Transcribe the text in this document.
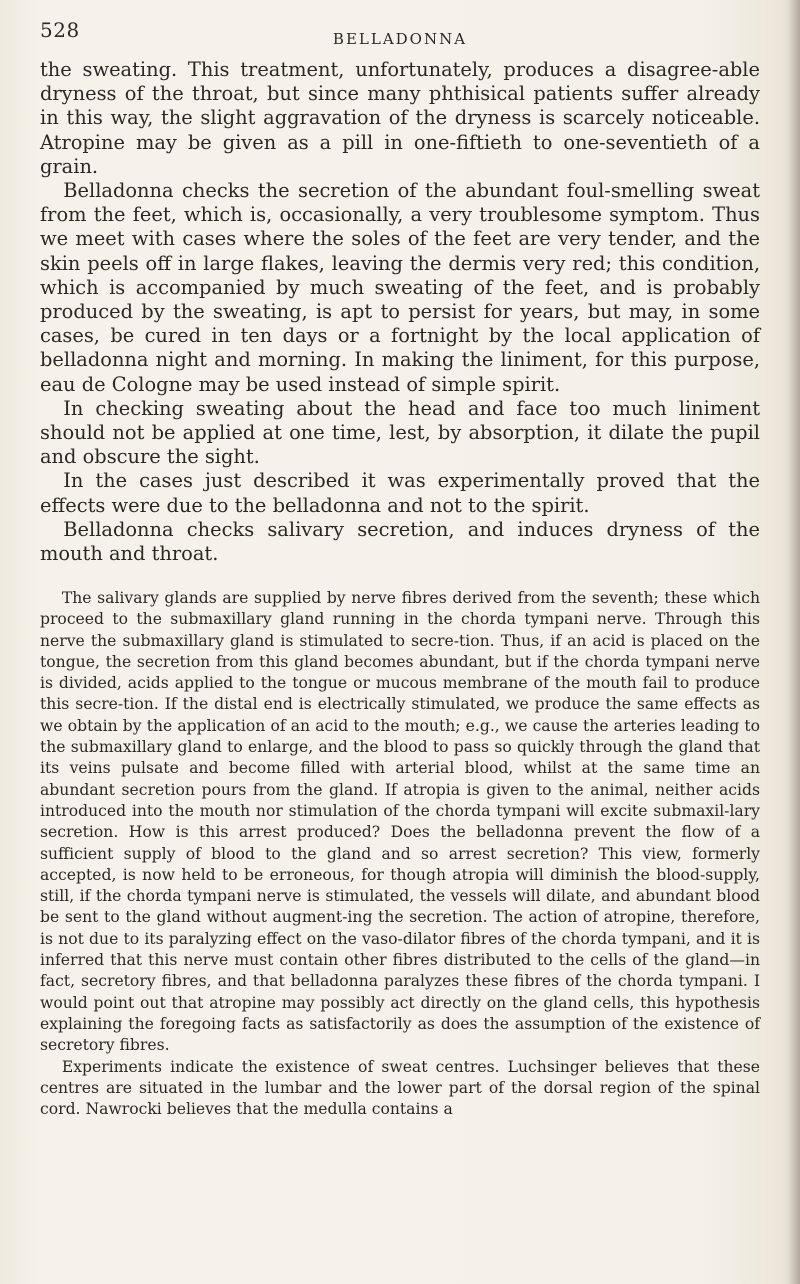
528	BELLADONNA

the sweating. This treatment, unfortunately, produces a disagree-able dryness of the throat, but since many phthisical patients suffer already in this way, the slight aggravation of the dryness is scarcely noticeable. Atropine may be given as a pill in one-fiftieth to one-seventieth of a grain.

Belladonna checks the secretion of the abundant foul-smelling sweat from the feet, which is, occasionally, a very troublesome symptom. Thus we meet with cases where the soles of the feet are very tender, and the skin peels off in large flakes, leaving the dermis very red; this condition, which is accompanied by much sweating of the feet, and is probably produced by the sweating, is apt to persist for years, but may, in some cases, be cured in ten days or a fortnight by the local application of belladonna night and morning. In making the liniment, for this purpose, eau de Cologne may be used instead of simple spirit.

In checking sweating about the head and face too much liniment should not be applied at one time, lest, by absorption, it dilate the pupil and obscure the sight.

In the cases just described it was experimentally proved that the effects were due to the belladonna and not to the spirit.

Belladonna checks salivary secretion, and induces dryness of the mouth and throat.

The salivary glands are supplied by nerve fibres derived from the seventh; these which proceed to the submaxillary gland running in the chorda tympani nerve. Through this nerve the submaxillary gland is stimulated to secre-tion. Thus, if an acid is placed on the tongue, the secretion from this gland becomes abundant, but if the chorda tympani nerve is divided, acids applied to the tongue or mucous membrane of the mouth fail to produce this secre-tion. If the distal end is electrically stimulated, we produce the same effects as we obtain by the application of an acid to the mouth; e.g., we cause the arteries leading to the submaxillary gland to enlarge, and the blood to pass so quickly through the gland that its veins pulsate and become filled with arterial blood, whilst at the same time an abundant secretion pours from the gland. If atropia is given to the animal, neither acids introduced into the mouth nor stimulation of the chorda tympani will excite submaxil-lary secretion. How is this arrest produced? Does the belladonna prevent the flow of a sufficient supply of blood to the gland and so arrest secretion? This view, formerly accepted, is now held to be erroneous, for though atropia will diminish the blood-supply, still, if the chorda tympani nerve is stimulated, the vessels will dilate, and abundant blood be sent to the gland without augment-ing the secretion. The action of atropine, therefore, is not due to its paralyzing effect on the vaso-dilator fibres of the chorda tympani, and it is inferred that this nerve must contain other fibres distributed to the cells of the gland—in fact, secretory fibres, and that belladonna paralyzes these fibres of the chorda tympani. I would point out that atropine may possibly act directly on the gland cells, this hypothesis explaining the foregoing facts as satisfactorily as does the assumption of the existence of secretory fibres.

Experiments indicate the existence of sweat centres. Luchsinger believes that these centres are situated in the lumbar and the lower part of the dorsal region of the spinal cord. Nawrocki believes that the medulla contains a
